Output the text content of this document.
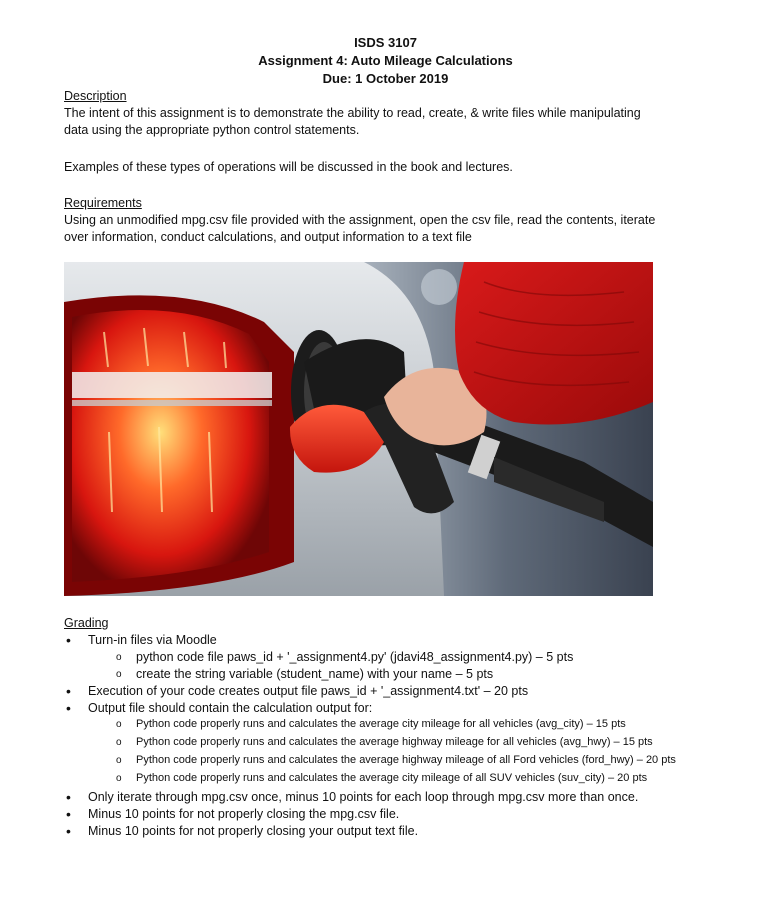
ISDS 3107
Assignment 4: Auto Mileage Calculations
Due: 1 October 2019
Description
The intent of this assignment is to demonstrate the ability to read, create, & write files while manipulating data using the appropriate python control statements.
Examples of these types of operations will be discussed in the book and lectures.
Requirements
Using an unmodified mpg.csv file provided with the assignment, open the csv file, read the contents, iterate over information, conduct calculations, and output information to a text file
Grading
• Turn-in files via Moodle
o python code file paws_id + '_assignment4.py' (jdavi48_assignment4.py) – 5 pts
o create the string variable (student_name) with your name – 5 pts
• Execution of your code creates output file paws_id + '_assignment4.txt' – 20 pts
• Output file should contain the calculation output for:
o Python code properly runs and calculates the average city mileage for all vehicles (avg_city) – 15 pts
o Python code properly runs and calculates the average highway mileage for all vehicles (avg_hwy) – 15 pts
o Python code properly runs and calculates the average highway mileage of all Ford vehicles (ford_hwy) – 20 pts
o Python code properly runs and calculates the average city mileage of all SUV vehicles (suv_city) – 20 pts
• Only iterate through mpg.csv once, minus 10 points for each loop through mpg.csv more than once.
• Minus 10 points for not properly closing the mpg.csv file.
• Minus 10 points for not properly closing your output text file.
